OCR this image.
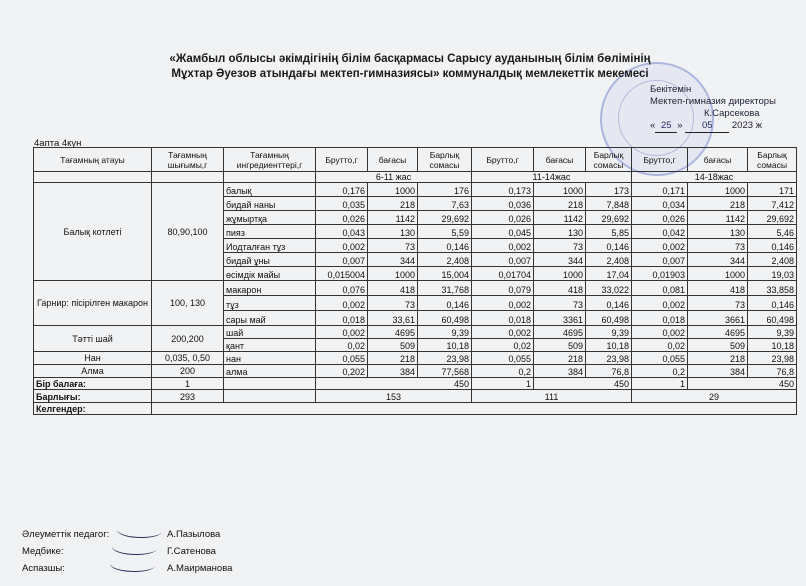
«Жамбыл облысы әкімдігінің білім басқармасы Сарысу ауданының білім бөлімінің
Мұхтар Әуезов атындағы мектеп-гимназиясы» коммуналдық мемлекеттік мекемесі
Бекітемін
Мектеп-гимназия директоры
К.Сарсекова
« 25 » 05 2023 ж
4апта 4күн
Тағамның атауы	Тағамның шығымы,г	Тағамның ингредиенттері,г	Брутто,г	бағасы	Барлық сомасы	Брутто,г	бағасы	Барлық сомасы	Брутто,г	бағасы	Барлық сомасы
			6-11 жас			11-14жас			14-18жас		
Балық котлеті	80,90,100	балық	0,176	1000	176	0,173	1000	173	0,171	1000	171
		бидай наны	0,035	218	7,63	0,036	218	7,848	0,034	218	7,412
		жұмыртқа	0,026	1142	29,692	0,026	1142	29,692	0,026	1142	29,692
		пияз	0,043	130	5,59	0,045	130	5,85	0,042	130	5,46
		Иодталған тұз	0,002	73	0,146	0,002	73	0,146	0,002	73	0,146
		бидай ұны	0,007	344	2,408	0,007	344	2,408	0,007	344	2,408
		өсімдік майы	0,015004	1000	15,004	0,01704	1000	17,04	0,01903	1000	19,03
Гарнир: пісірілген макарон	100, 130	макарон	0,076	418	31,768	0,079	418	33,022	0,081	418	33,858
		тұз	0,002	73	0,146	0,002	73	0,146	0,002	73	0,146
		сары май	0,018	33,61	60,498	0,018	3361	60,498	0,018	3661	60,498
Тәтті шай	200,200	шай	0,002	4695	9,39	0,002	4695	9,39	0,002	4695	9,39
		қант	0,02	509	10,18	0,02	509	10,18	0,02	509	10,18
Нан	0,035, 0,50	нан	0,055	218	23,98	0,055	218	23,98	0,055	218	23,98
Алма	200	алма	0,202	384	77,568	0,2	384	76,8	0,2	384	76,8
Бір балаға:	1		450			1	450		1	450	
Барлығы:	293		153			111			29		
Келгендер:											
Әлеуметтік педагог:	А.Пазылова
Медбике:	Г.Сатенова
Аспазшы:	А.Маирманова
